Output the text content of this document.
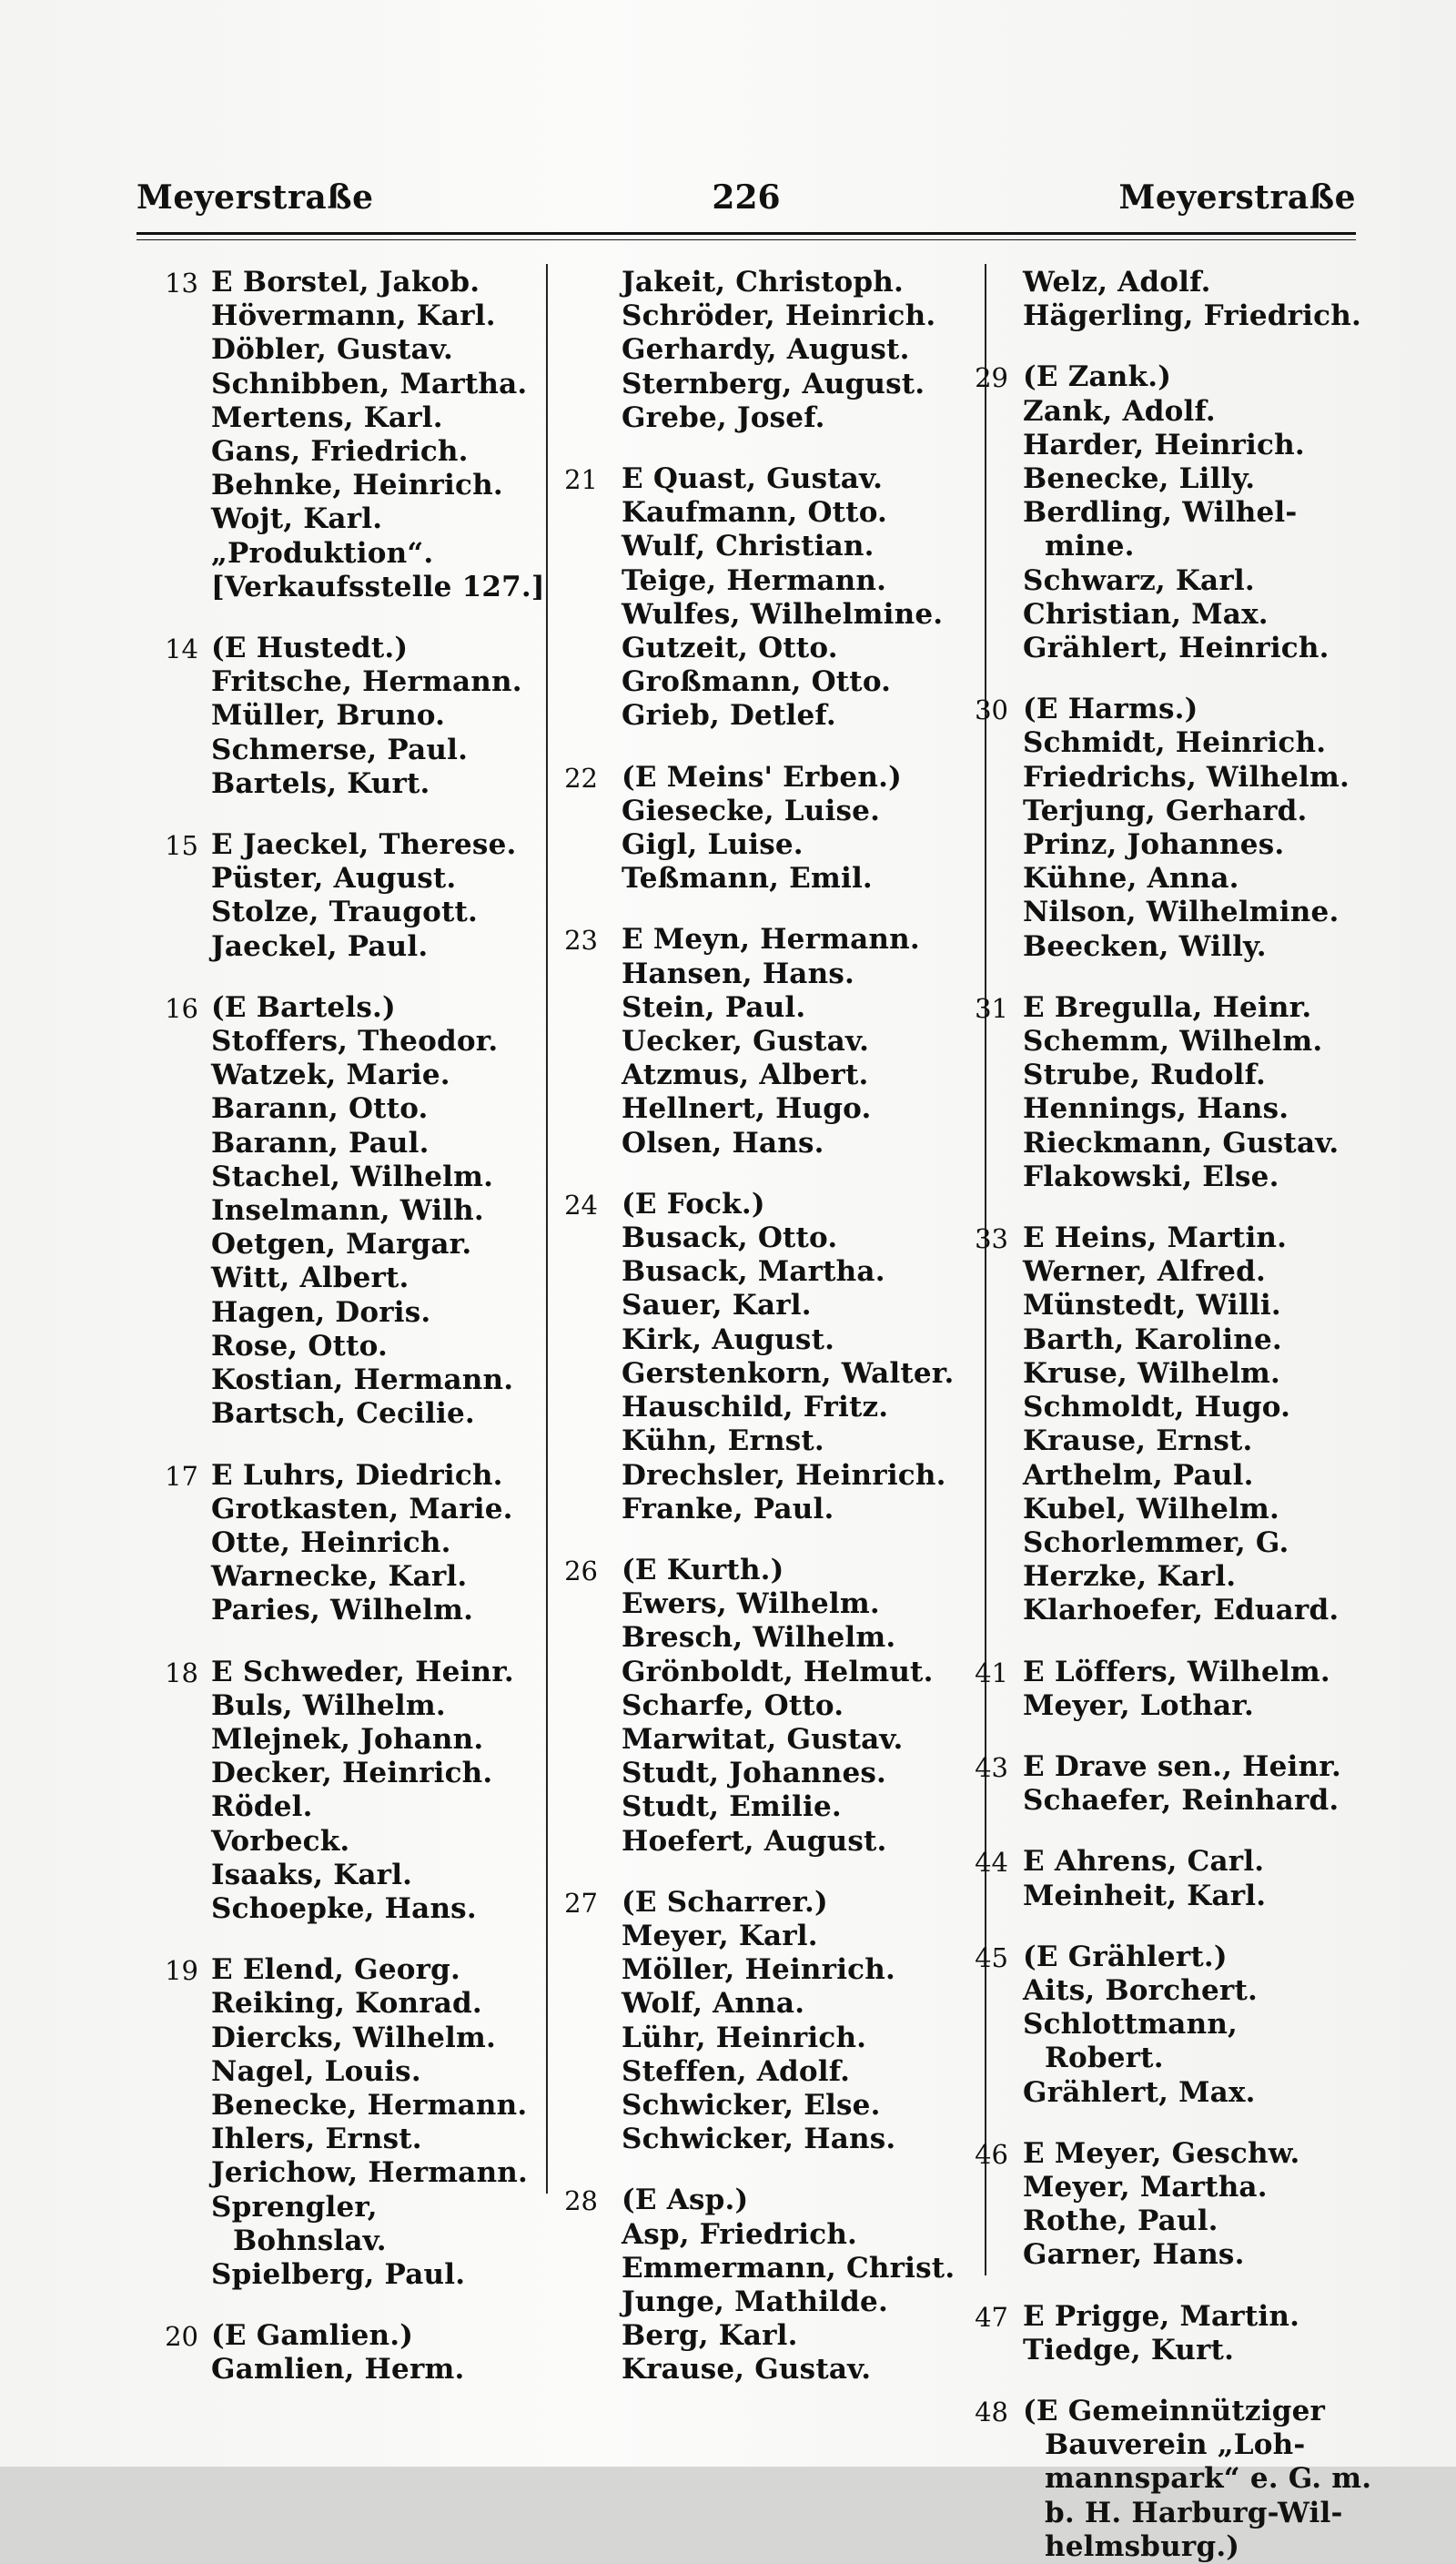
Meyerstraße	226	Meyerstraße
13 E Borstel, Jakob.
Hövermann, Karl.
Döbler, Gustav.
Schnibben, Martha.
Mertens, Karl.
Gans, Friedrich.
Behnke, Heinrich.
Wojt, Karl.
„Produktion“.
[Verkaufsstelle 127.]
14 (E Hustedt.)
Fritsche, Hermann.
Müller, Bruno.
Schmerse, Paul.
Bartels, Kurt.
15 E Jaeckel, Therese.
Püster, August.
Stolze, Traugott.
Jaeckel, Paul.
16 (E Bartels.)
Stoffers, Theodor.
Watzek, Marie.
Barann, Otto.
Barann, Paul.
Stachel, Wilhelm.
Inselmann, Wilh.
Oetgen, Margar.
Witt, Albert.
Hagen, Doris.
Rose, Otto.
Kostian, Hermann.
Bartsch, Cecilie.
17 E Luhrs, Diedrich.
Grotkasten, Marie.
Otte, Heinrich.
Warnecke, Karl.
Paries, Wilhelm.
18 E Schweder, Heinr.
Buls, Wilhelm.
Mlejnek, Johann.
Decker, Heinrich.
Rödel.
Vorbeck.
Isaaks, Karl.
Schoepke, Hans.
19 E Elend, Georg.
Reiking, Konrad.
Diercks, Wilhelm.
Nagel, Louis.
Benecke, Hermann.
Ihlers, Ernst.
Jerichow, Hermann.
Sprengler,
Bohnslav.
Spielberg, Paul.
20 (E Gamlien.)
Gamlien, Herm.
Jakeit, Christoph.
Schröder, Heinrich.
Gerhardy, August.
Sternberg, August.
Grebe, Josef.
21 E Quast, Gustav.
Kaufmann, Otto.
Wulf, Christian.
Teige, Hermann.
Wulfes, Wilhelmine.
Gutzeit, Otto.
Großmann, Otto.
Grieb, Detlef.
22 (E Meins' Erben.)
Giesecke, Luise.
Gigl, Luise.
Teßmann, Emil.
23 E Meyn, Hermann.
Hansen, Hans.
Stein, Paul.
Uecker, Gustav.
Atzmus, Albert.
Hellnert, Hugo.
Olsen, Hans.
24 (E Fock.)
Busack, Otto.
Busack, Martha.
Sauer, Karl.
Kirk, August.
Gerstenkorn, Walter.
Hauschild, Fritz.
Kühn, Ernst.
Drechsler, Heinrich.
Franke, Paul.
26 (E Kurth.)
Ewers, Wilhelm.
Bresch, Wilhelm.
Grönboldt, Helmut.
Scharfe, Otto.
Marwitat, Gustav.
Studt, Johannes.
Studt, Emilie.
Hoefert, August.
27 (E Scharrer.)
Meyer, Karl.
Möller, Heinrich.
Wolf, Anna.
Lühr, Heinrich.
Steffen, Adolf.
Schwicker, Else.
Schwicker, Hans.
28 (E Asp.)
Asp, Friedrich.
Emmermann, Christ.
Junge, Mathilde.
Berg, Karl.
Krause, Gustav.
Welz, Adolf.
Hägerling, Friedrich.
29 (E Zank.)
Zank, Adolf.
Harder, Heinrich.
Benecke, Lilly.
Berdling, Wilhel-
mine.
Schwarz, Karl.
Christian, Max.
Grählert, Heinrich.
30 (E Harms.)
Schmidt, Heinrich.
Friedrichs, Wilhelm.
Terjung, Gerhard.
Prinz, Johannes.
Kühne, Anna.
Nilson, Wilhelmine.
Beecken, Willy.
31 E Bregulla, Heinr.
Schemm, Wilhelm.
Strube, Rudolf.
Hennings, Hans.
Rieckmann, Gustav.
Flakowski, Else.
33 E Heins, Martin.
Werner, Alfred.
Münstedt, Willi.
Barth, Karoline.
Kruse, Wilhelm.
Schmoldt, Hugo.
Krause, Ernst.
Arthelm, Paul.
Kubel, Wilhelm.
Schorlemmer, G.
Herzke, Karl.
Klarhoefer, Eduard.
41 E Löffers, Wilhelm.
Meyer, Lothar.
43 E Drave sen., Heinr.
Schaefer, Reinhard.
44 E Ahrens, Carl.
Meinheit, Karl.
45 (E Grählert.)
Aits, Borchert.
Schlottmann,
Robert.
Grählert, Max.
46 E Meyer, Geschw.
Meyer, Martha.
Rothe, Paul.
Garner, Hans.
47 E Prigge, Martin.
Tiedge, Kurt.
48 (E Gemeinnütziger
Bauverein „Loh-
mannspark“ e. G. m.
b. H. Harburg-Wil-
helmsburg.)
